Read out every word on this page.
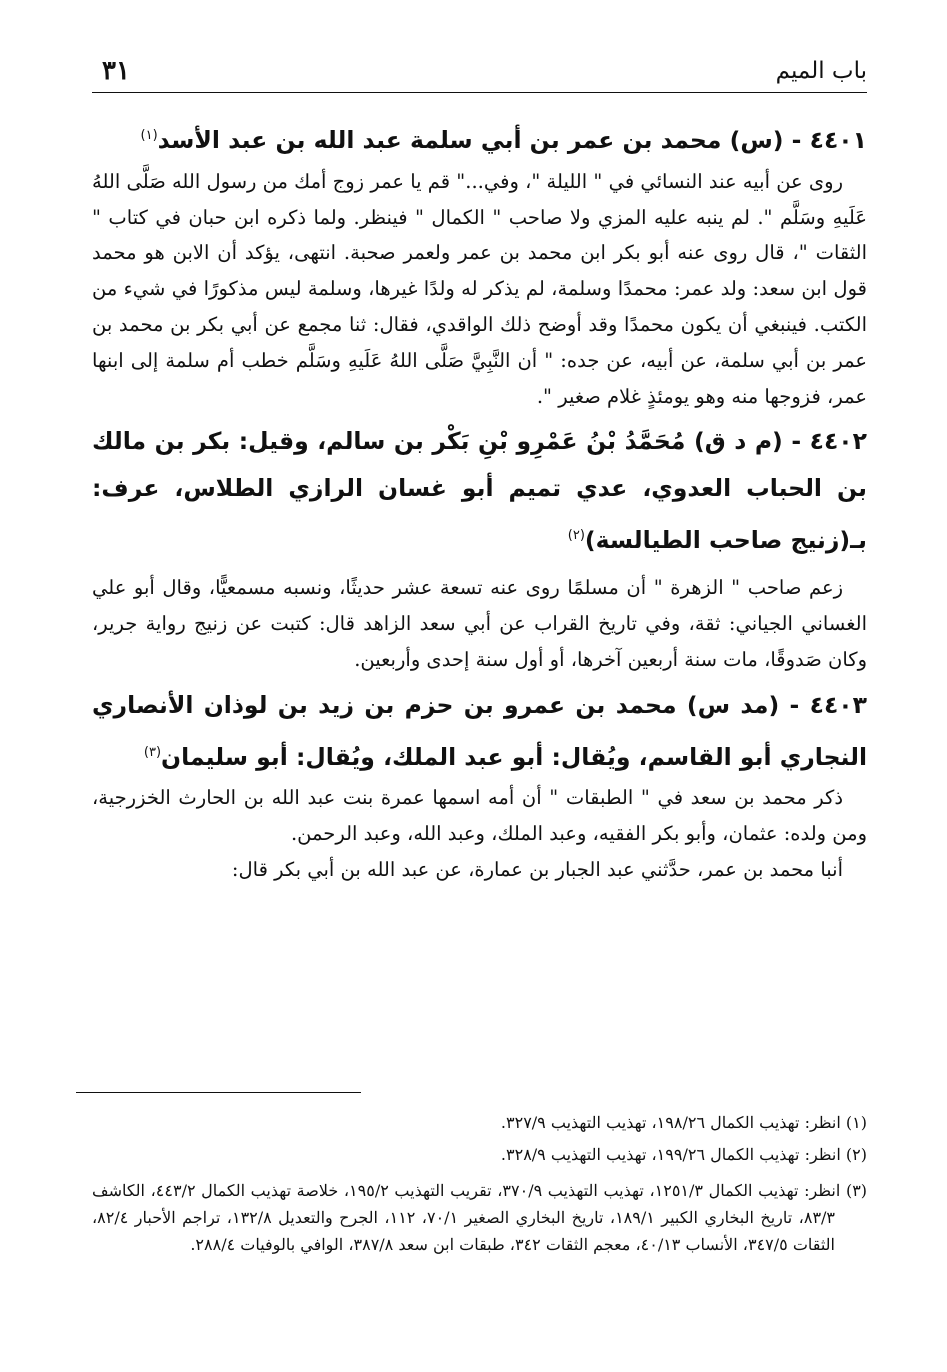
باب الميم
٣١

٤٤٠١ - (س) محمد بن عمر بن أبي سلمة عبد الله بن عبد الأسد$^{(١)}$

روى عن أبيه عند النسائي في " الليلة "، وفي..." قم يا عمر زوج أمك من رسول الله صَلَّى اللهُ عَلَيهِ وسَلَّم ". لم ينبه عليه المزي ولا صاحب " الكمال " فينظر. ولما ذكره ابن حبان في كتاب " الثقات "، قال روى عنه أبو بكر ابن محمد بن عمر ولعمر صحبة. انتهى، يؤكد أن الابن هو محمد قول ابن سعد: ولد عمر: محمدًا وسلمة، لم يذكر له ولدًا غيرها، وسلمة ليس مذكورًا في شيء من الكتب. فينبغي أن يكون محمدًا وقد أوضح ذلك الواقدي، فقال: ثنا مجمع عن أبي بكر بن محمد بن عمر بن أبي سلمة، عن أبيه، عن جده: " أن النَّبِيَّ صَلَّى اللهُ عَلَيهِ وسَلَّم خطب أم سلمة إلى ابنها عمر، فزوجها منه وهو يومئذٍ غلام صغير ".

٤٤٠٢ - (م د ق) مُحَمَّدُ بْنُ عَمْرِو بْنِ بَكْر بن سالم، وقيل: بكر بن مالك بن الحباب العدوي، عدي تميم أبو غسان الرازي الطلاس، عرف: بـ(زنيج صاحب الطيالسة)$^{(٢)}$

زعم صاحب " الزهرة " أن مسلمًا روى عنه تسعة عشر حديثًا، ونسبه مسمعيًّا، وقال أبو علي الغساني الجياني: ثقة، وفي تاريخ القراب عن أبي سعد الزاهد قال: كتبت عن زنيج رواية جرير، وكان صَدوقًا، مات سنة أربعين آخرها، أو أول سنة إحدى وأربعين.

٤٤٠٣ - (مد س) محمد بن عمرو بن حزم بن زيد بن لوذان الأنصاري النجاري أبو القاسم، ويُقال: أبو عبد الملك، ويُقال: أبو سليمان$^{(٣)}$

ذكر محمد بن سعد في " الطبقات " أن أمه اسمها عمرة بنت عبد الله بن الحارث الخزرجية، ومن ولده: عثمان، وأبو بكر الفقيه، وعبد الملك، وعبد الله، وعبد الرحمن.

أنبا محمد بن عمر، حدَّثني عبد الجبار بن عمارة، عن عبد الله بن أبي بكر قال:

(١) انظر: تهذيب الكمال ١٩٨/٢٦، تهذيب التهذيب ٣٢٧/٩.

(٢) انظر: تهذيب الكمال ١٩٩/٢٦، تهذيب التهذيب ٣٢٨/٩.

(٣) انظر: تهذيب الكمال ١٢٥١/٣، تهذيب التهذيب ٣٧٠/٩، تقريب التهذيب ١٩٥/٢، خلاصة تهذيب الكمال ٤٤٣/٢، الكاشف ٨٣/٣، تاريخ البخاري الكبير ١٨٩/١، تاريخ البخاري الصغير ٧٠/١، ١١٢، الجرح والتعديل ١٣٢/٨، تراجم الأحبار ٨٢/٤، الثقات ٣٤٧/٥، الأنساب ٤٠/١٣، معجم الثقات ٣٤٢، طبقات ابن سعد ٣٨٧/٨، الوافي بالوفيات ٢٨٨/٤.
